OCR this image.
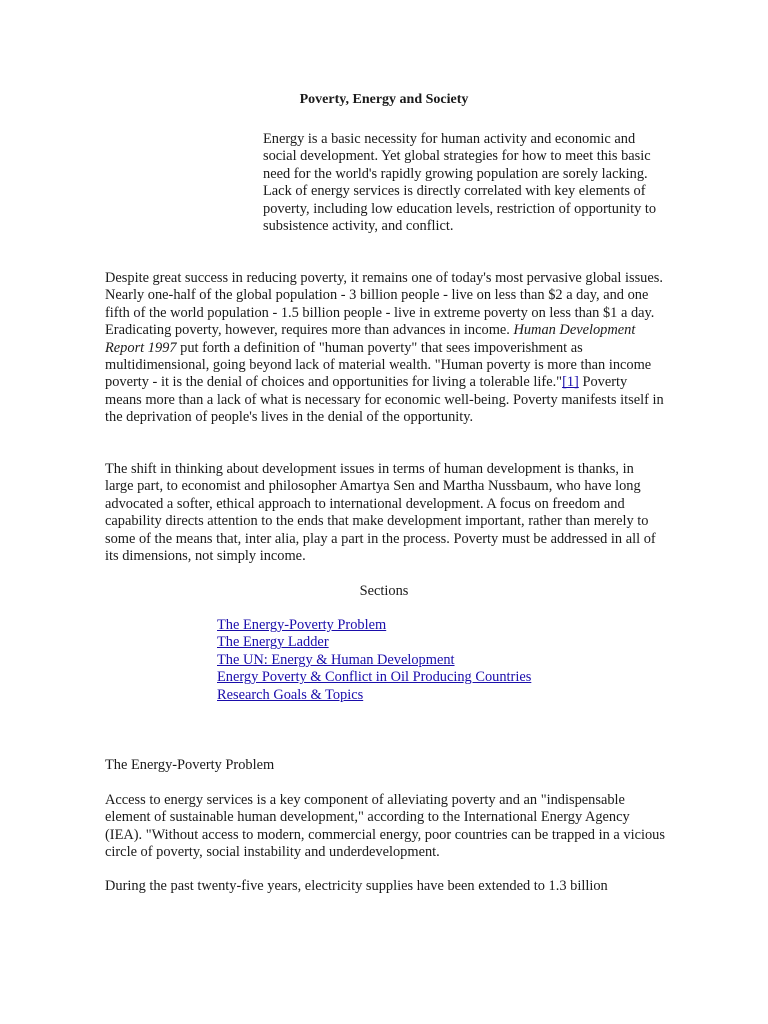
Poverty, Energy and Society

Energy is a basic necessity for human activity and economic and social development. Yet global strategies for how to meet this basic need for the world's rapidly growing population are sorely lacking. Lack of energy services is directly correlated with key elements of poverty, including low education levels, restriction of opportunity to subsistence activity, and conflict.

Despite great success in reducing poverty, it remains one of today's most pervasive global issues. Nearly one-half of the global population - 3 billion people - live on less than $2 a day, and one fifth of the world population - 1.5 billion people - live in extreme poverty on less than $1 a day. Eradicating poverty, however, requires more than advances in income. Human Development Report 1997 put forth a definition of "human poverty" that sees impoverishment as multidimensional, going beyond lack of material wealth. "Human poverty is more than income poverty - it is the denial of choices and opportunities for living a tolerable life."[1] Poverty means more than a lack of what is necessary for economic well-being. Poverty manifests itself in the deprivation of people's lives in the denial of the opportunity.

The shift in thinking about development issues in terms of human development is thanks, in large part, to economist and philosopher Amartya Sen and Martha Nussbaum, who have long advocated a softer, ethical approach to international development. A focus on freedom and capability directs attention to the ends that make development important, rather than merely to some of the means that, inter alia, play a part in the process. Poverty must be addressed in all of its dimensions, not simply income.

Sections
The Energy-Poverty Problem
The Energy Ladder
The UN: Energy & Human Development
Energy Poverty & Conflict in Oil Producing Countries
Research Goals & Topics
The Energy-Poverty Problem

Access to energy services is a key component of alleviating poverty and an "indispensable element of sustainable human development," according to the International Energy Agency (IEA). "Without access to modern, commercial energy, poor countries can be trapped in a vicious circle of poverty, social instability and underdevelopment.

During the past twenty-five years, electricity supplies have been extended to 1.3 billion
